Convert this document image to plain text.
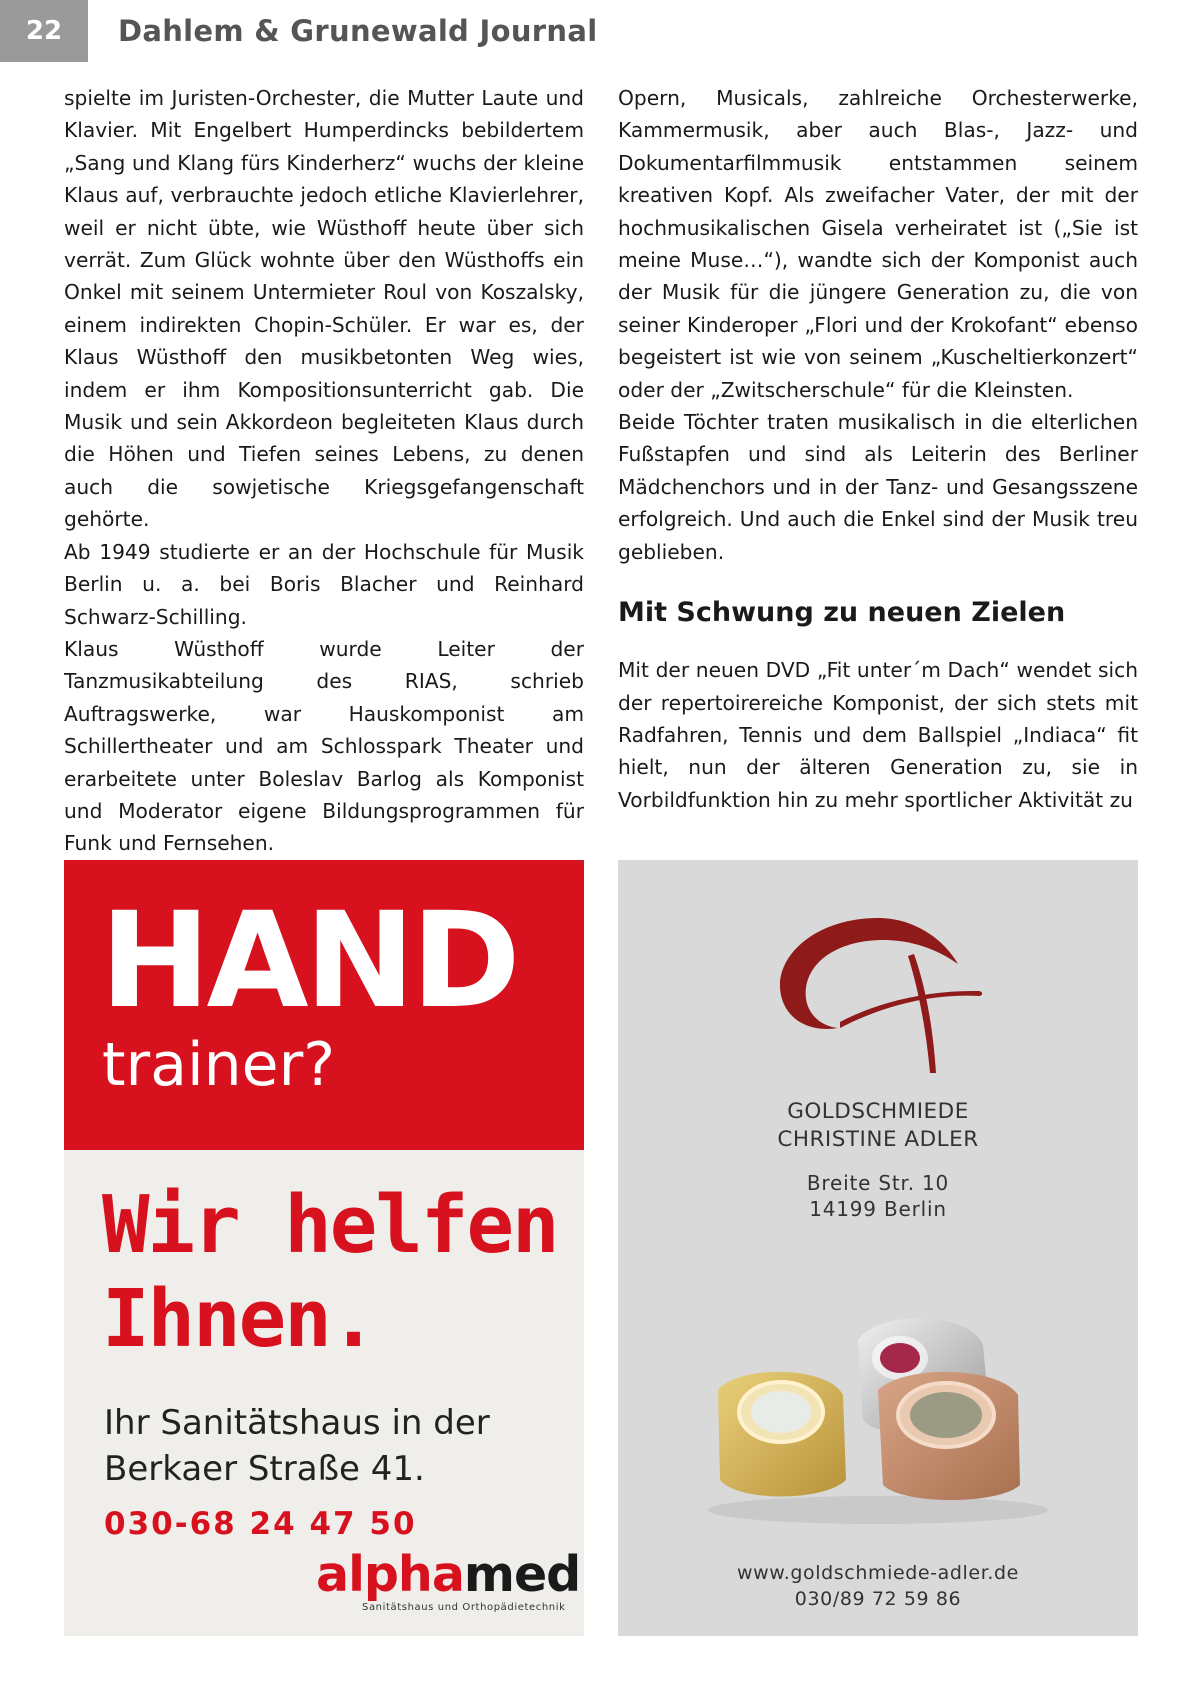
22	Dahlem & Grunewald Journal

spielte im Juristen-Orchester, die Mutter Laute und Klavier. Mit Engelbert Humperdincks bebildertem „Sang und Klang fürs Kinderherz“ wuchs der kleine Klaus auf, verbrauchte jedoch etliche Klavierlehrer, weil er nicht übte, wie Wüsthoff heute über sich verrät. Zum Glück wohnte über den Wüsthoffs ein Onkel mit seinem Untermieter Roul von Koszalsky, einem indirekten Chopin-Schüler. Er war es, der Klaus Wüsthoff den musikbetonten Weg wies, indem er ihm Kompositionsunterricht gab. Die Musik und sein Akkordeon begleiteten Klaus durch die Höhen und Tiefen seines Lebens, zu denen auch die sowjetische Kriegsgefangenschaft gehörte.

Ab 1949 studierte er an der Hochschule für Musik Berlin u. a. bei Boris Blacher und Reinhard Schwarz-Schilling.

Klaus Wüsthoff wurde Leiter der Tanzmusikabteilung des RIAS, schrieb Auftragswerke, war Hauskomponist am Schillertheater und am Schlosspark Theater und erarbeitete unter Boleslav Barlog als Komponist und Moderator eigene Bildungsprogrammen für Funk und Fernsehen.

Opern, Musicals, zahlreiche Orchesterwerke, Kammermusik, aber auch Blas-, Jazz- und Dokumentarfilmmusik entstammen seinem kreativen Kopf. Als zweifacher Vater, der mit der hochmusikalischen Gisela verheiratet ist („Sie ist meine Muse…“), wandte sich der Komponist auch der Musik für die jüngere Generation zu, die von seiner Kinderoper „Flori und der Krokofant“ ebenso begeistert ist wie von seinem „Kuscheltierkonzert“ oder der „Zwitscherschule“ für die Kleinsten.

Beide Töchter traten musikalisch in die elterlichen Fußstapfen und sind als Leiterin des Berliner Mädchenchors und in der Tanz- und Gesangsszene erfolgreich. Und auch die Enkel sind der Musik treu geblieben.

Mit Schwung zu neuen Zielen

Mit der neuen DVD „Fit unter´m Dach“ wendet sich der repertoirereiche Komponist, der sich stets mit Radfahren, Tennis und dem Ballspiel „Indiaca“ fit hielt, nun der älteren Generation zu, sie in Vorbildfunktion hin zu mehr sportlicher Aktivität zu

HAND
trainer?
Wir helfen Ihnen.
Ihr Sanitätshaus in der Berkaer Straße 41.
030-68 24 47 50
alphamed
Sanitätshaus und Orthopädietechnik
GOLDSCHMIEDE
CHRISTINE ADLER
Breite Str. 10
14199 Berlin
www.goldschmiede-adler.de
030/89 72 59 86
